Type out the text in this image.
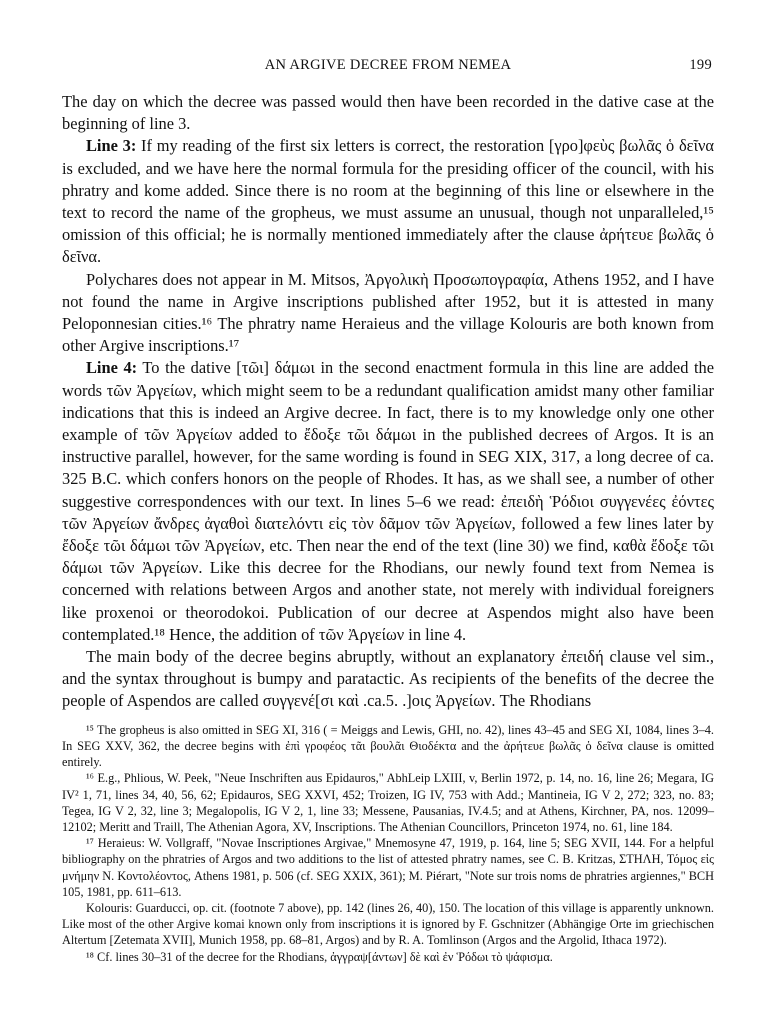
AN ARGIVE DECREE FROM NEMEA	199

The day on which the decree was passed would then have been recorded in the dative case at the beginning of line 3.

Line 3: If my reading of the first six letters is correct, the restoration [γρο]φεὺς βωλᾶς ὁ δεῖνα is excluded, and we have here the normal formula for the presiding officer of the council, with his phratry and kome added. Since there is no room at the beginning of this line or elsewhere in the text to record the name of the gropheus, we must assume an unusual, though not unparalleled,¹⁵ omission of this official; he is normally mentioned immediately after the clause ἀρήτευε βωλᾶς ὁ δεῖνα.

Polychares does not appear in M. Mitsos, Ἀργολικὴ Προσωπογραφία, Athens 1952, and I have not found the name in Argive inscriptions published after 1952, but it is attested in many Peloponnesian cities.¹⁶ The phratry name Heraieus and the village Kolouris are both known from other Argive inscriptions.¹⁷

Line 4: To the dative [τῶι] δάμωι in the second enactment formula in this line are added the words τῶν Ἀργείων, which might seem to be a redundant qualification amidst many other familiar indications that this is indeed an Argive decree. In fact, there is to my knowledge only one other example of τῶν Ἀργείων added to ἔδοξε τῶι δάμωι in the published decrees of Argos. It is an instructive parallel, however, for the same wording is found in SEG XIX, 317, a long decree of ca. 325 B.C. which confers honors on the people of Rhodes. It has, as we shall see, a number of other suggestive correspondences with our text. In lines 5–6 we read: ἐπειδὴ Ῥόδιοι συγγενέες ἐόντες τῶν Ἀργείων ἄνδρες ἀγαθοὶ διατελόντι εἰς τὸν δᾶμον τῶν Ἀργείων, followed a few lines later by ἔδοξε τῶι δάμωι τῶν Ἀργείων, etc. Then near the end of the text (line 30) we find, καθὰ ἔδοξε τῶι δάμωι τῶν Ἀργείων. Like this decree for the Rhodians, our newly found text from Nemea is concerned with relations between Argos and another state, not merely with individual foreigners like proxenoi or theorodokoi. Publication of our decree at Aspendos might also have been contemplated.¹⁸ Hence, the addition of τῶν Ἀργείων in line 4.

The main body of the decree begins abruptly, without an explanatory ἐπειδή clause vel sim., and the syntax throughout is bumpy and paratactic. As recipients of the benefits of the decree the people of Aspendos are called συγγενέ[σι καὶ .ca.5. .]οις Ἀργείων. The Rhodians

¹⁵ The gropheus is also omitted in SEG XI, 316 ( = Meiggs and Lewis, GHI, no. 42), lines 43–45 and SEG XI, 1084, lines 3–4. In SEG XXV, 362, the decree begins with ἐπὶ γροφέος τᾶι βουλᾶι Θιοδέκτα and the ἀρήτευε βωλᾶς ὁ δεῖνα clause is omitted entirely.

¹⁶ E.g., Phlious, W. Peek, "Neue Inschriften aus Epidauros," AbhLeip LXIII, v, Berlin 1972, p. 14, no. 16, line 26; Megara, IG IV² 1, 71, lines 34, 40, 56, 62; Epidauros, SEG XXVI, 452; Troizen, IG IV, 753 with Add.; Mantineia, IG V 2, 272; 323, no. 83; Tegea, IG V 2, 32, line 3; Megalopolis, IG V 2, 1, line 33; Messene, Pausanias, IV.4.5; and at Athens, Kirchner, PA, nos. 12099–12102; Meritt and Traill, The Athenian Agora, XV, Inscriptions. The Athenian Councillors, Princeton 1974, no. 61, line 184.

¹⁷ Heraieus: W. Vollgraff, "Novae Inscriptiones Argivae," Mnemosyne 47, 1919, p. 164, line 5; SEG XVII, 144. For a helpful bibliography on the phratries of Argos and two additions to the list of attested phratry names, see C. B. Kritzas, ΣΤΗΛΗ, Τόμος εἰς μνήμην Ν. Κοντολέοντος, Athens 1981, p. 506 (cf. SEG XXIX, 361); M. Piérart, "Note sur trois noms de phratries argiennes," BCH 105, 1981, pp. 611–613.

Kolouris: Guarducci, op. cit. (footnote 7 above), pp. 142 (lines 26, 40), 150. The location of this village is apparently unknown. Like most of the other Argive komai known only from inscriptions it is ignored by F. Gschnitzer (Abhängige Orte im griechischen Altertum [Zetemata XVII], Munich 1958, pp. 68–81, Argos) and by R. A. Tomlinson (Argos and the Argolid, Ithaca 1972).

¹⁸ Cf. lines 30–31 of the decree for the Rhodians, ἀγγραψ[άντων] δὲ καὶ ἐν Ῥόδωι τὸ ψάφισμα.
